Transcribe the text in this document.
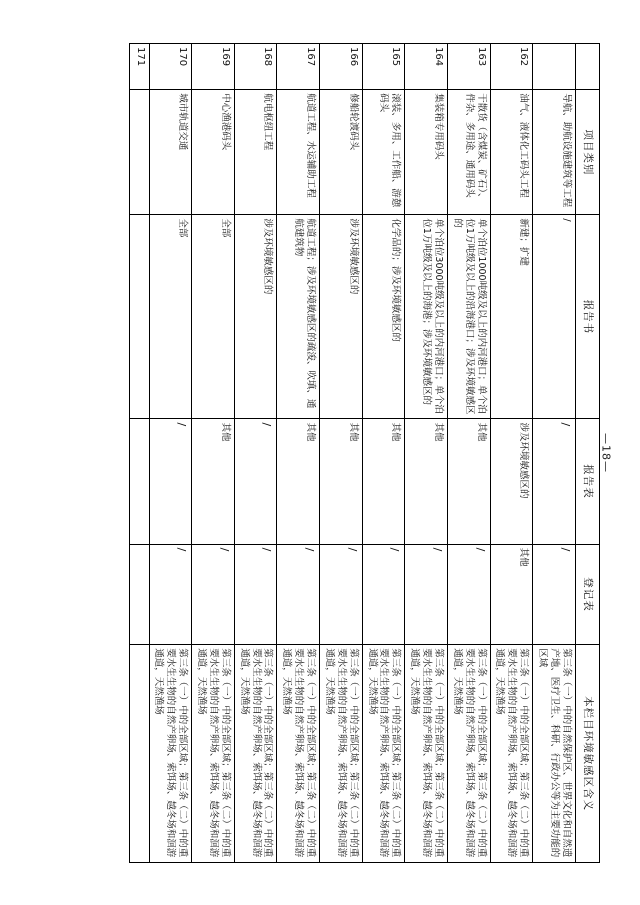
	项目类别	报告书	报告表	登记表	本栏目环境敏感区含义

	导航、助航设施建筑等工程	/	/	/	第三条（一）中的自然保护区、世界文化和自然遗产地、医疗卫生、科研、行政办公等为主要功能的区域

162	油气、液体化工码头工程	新建；扩建	涉及环境敏感区的	其他	第三条（一）中的全部区域；第三条（二）中的重要水生生物的自然产卵场、索饵场、越冬场和洄游通道，天然渔场

163	干散货（含煤炭、矿石）、件杂、多用途、通用码头	单个泊位1000吨级及以上的内河港口；单个泊位1万吨级及以上的沿海港口；涉及环境敏感区的	其他	/	第三条（一）中的全部区域；第三条（二）中的重要水生生物的自然产卵场、索饵场、越冬场和洄游通道，天然渔场

164	集装箱专用码头	单个泊位3000吨级及以上的内河港口；单个泊位1万吨级及以上的海港；涉及环境敏感区的	其他	/	第三条（一）中的全部区域；第三条（二）中的重要水生生物的自然产卵场、索饵场、越冬场和洄游通道，天然渔场

165	滚装、多用、工作船、游憩码头	化学品的；涉及环境敏感区的	其他	/	第三条（一）中的全部区域；第三条（二）中的重要水生生物的自然产卵场、索饵场、越冬场和洄游通道，天然渔场

166	修船轮渡码头	涉及环境敏感区的	其他	/	第三条（一）中的全部区域；第三条（二）中的重要水生生物的自然产卵场、索饵场、越冬场和洄游通道，天然渔场

167	航道工程、水运辅助工程	航道工程；涉及环境敏感区的疏浚、吹填、通航建筑物	其他	/	第三条（一）中的全部区域；第三条（二）中的重要水生生物的自然产卵场、索饵场、越冬场和洄游通道，天然渔场

168	航电枢纽工程	涉及环境敏感区的	/	/	第三条（一）中的全部区域；第三条（二）中的重要水生生物的自然产卵场、索饵场、越冬场和洄游通道，天然渔场

169	中心渔港码头	全部	其他	/	第三条（一）中的全部区域；第三条（二）中的重要水生生物的自然产卵场、索饵场、越冬场和洄游通道，天然渔场

170	城市轨道交通	全部	/	/	第三条（一）中的全部区域；第三条（二）中的重要水生生物的自然产卵场、索饵场、越冬场和洄游通道，天然渔场

171	

—18—
